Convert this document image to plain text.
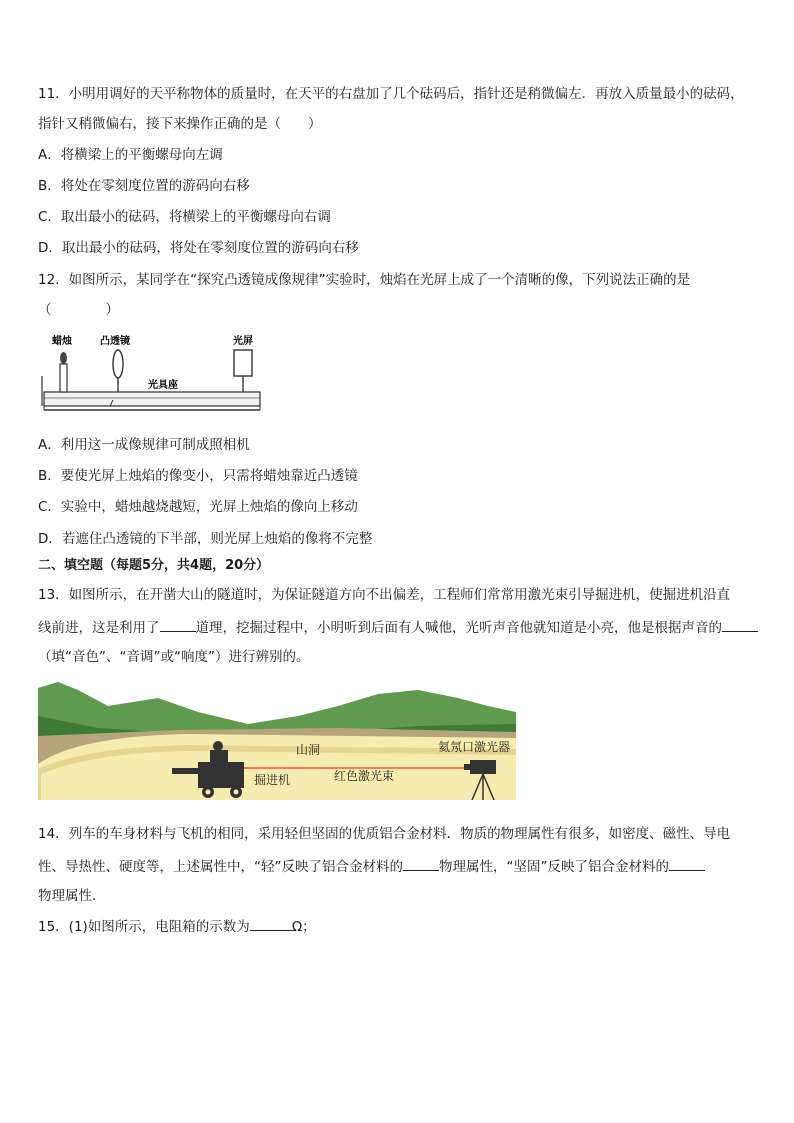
11．小明用调好的天平称物体的质量时，在天平的右盘加了几个砝码后，指针还是稍微偏左．再放入质量最小的砝码，
指针又稍微偏右，接下来操作正确的是（　　）
A．将横梁上的平衡螺母向左调
B．将处在零刻度位置的游码向右移
C．取出最小的砝码，将横梁上的平衡螺母向右调
D．取出最小的砝码，将处在零刻度位置的游码向右移
12．如图所示，某同学在“探究凸透镜成像规律”实验时，烛焰在光屏上成了一个清晰的像，下列说法正确的是
（　　　　）
蜡烛	凸透镜	光屏
光具座
A．利用这一成像规律可制成照相机
B．要使光屏上烛焰的像变小，只需将蜡烛靠近凸透镜
C．实验中，蜡烛越烧越短，光屏上烛焰的像向上移动
D．若遮住凸透镜的下半部，则光屏上烛焰的像将不完整
二、填空题（每题5分，共4题，20分）
13．如图所示，在开凿大山的隧道时，为保证隧道方向不出偏差，工程师们常常用激光束引导掘进机，使掘进机沿直
线前进，这是利用了	道理，挖掘过程中，小明听到后面有人喊他，光听声音他就知道是小亮，他是根据声音的
（填“音色”、“音调”或“响度”）进行辨别的。
山洞	氦氖口激光器
掘进机	红色激光束
14．列车的车身材料与飞机的相同，采用轻但坚固的优质铝合金材料．物质的物理属性有很多，如密度、磁性、导电
性、导热性、硬度等，上述属性中，“轻”反映了铝合金材料的	物理属性，“坚固”反映了铝合金材料的
物理属性．
15．(1)如图所示，电阻箱的示数为	Ω；
